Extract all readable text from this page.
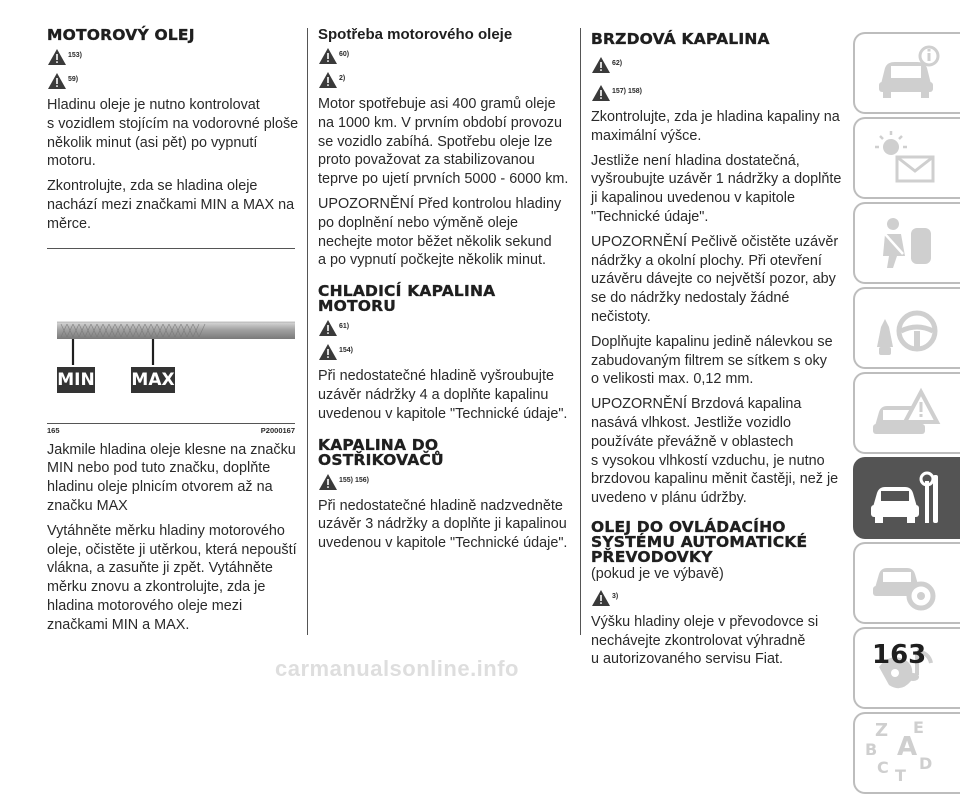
MOTOROVÝ OLEJ
153)
59)
Hladinu oleje je nutno kontrolovat
s vozidlem stojícím na vodorovné ploše
několik minut (asi pět) po vypnutí
motoru.
Zkontrolujte, zda se hladina oleje
nachází mezi značkami MIN a MAX na
měrce.
MIN MAX
165	P2000167
Jakmile hladina oleje klesne na značku
MIN nebo pod tuto značku, doplňte
hladinu oleje plnicím otvorem až na
značku MAX
Vytáhněte měrku hladiny motorového
oleje, očistěte ji utěrkou, která nepouští
vlákna, a zasuňte ji zpět. Vytáhněte
měrku znovu a zkontrolujte, zda je
hladina motorového oleje mezi
značkami MIN a MAX.
Spotřeba motorového oleje
60)
2)
Motor spotřebuje asi 400 gramů oleje
na 1000 km. V prvním období provozu
se vozidlo zabíhá. Spotřebu oleje lze
proto považovat za stabilizovanou
teprve po ujetí prvních 5000 - 6000 km.
UPOZORNĚNÍ Před kontrolou hladiny
po doplnění nebo výměně oleje
nechejte motor běžet několik sekund
a po vypnutí počkejte několik minut.
CHLADICÍ KAPALINA
MOTORU
61)
154)
Při nedostatečné hladině vyšroubujte
uzávěr nádržky 4 a doplňte kapalinu
uvedenou v kapitole "Technické údaje".
KAPALINA DO
OSTŘIKOVAČŮ
155) 156)
Při nedostatečné hladině nadzvedněte
uzávěr 3 nádržky a doplňte ji kapalinou
uvedenou v kapitole "Technické údaje".
BRZDOVÁ KAPALINA
62)
157) 158)
Zkontrolujte, zda je hladina kapaliny na
maximální výšce.
Jestliže není hladina dostatečná,
vyšroubujte uzávěr 1 nádržky a doplňte
ji kapalinou uvedenou v kapitole
"Technické údaje".
UPOZORNĚNÍ Pečlivě očistěte uzávěr
nádržky a okolní plochy. Při otevření
uzávěru dávejte co největší pozor, aby
se do nádržky nedostaly žádné
nečistoty.
Doplňujte kapalinu jedině nálevkou se
zabudovaným filtrem se sítkem s oky
o velikosti max. 0,12 mm.
UPOZORNĚNÍ Brzdová kapalina
nasává vlhkost. Jestliže vozidlo
používáte převážně v oblastech
s vysokou vlhkostí vzduchu, je nutno
brzdovou kapalinu měnit častěji, než je
uvedeno v plánu údržby.
OLEJ DO OVLÁDACÍHO
SYSTÉMU AUTOMATICKÉ
PŘEVODOVKY
(pokud je ve výbavě)
3)
Výšku hladiny oleje v převodovce si
nechávejte zkontrolovat výhradně
u autorizovaného servisu Fiat.
Z E
B A
C T
D
163
carmanualsonline.info
